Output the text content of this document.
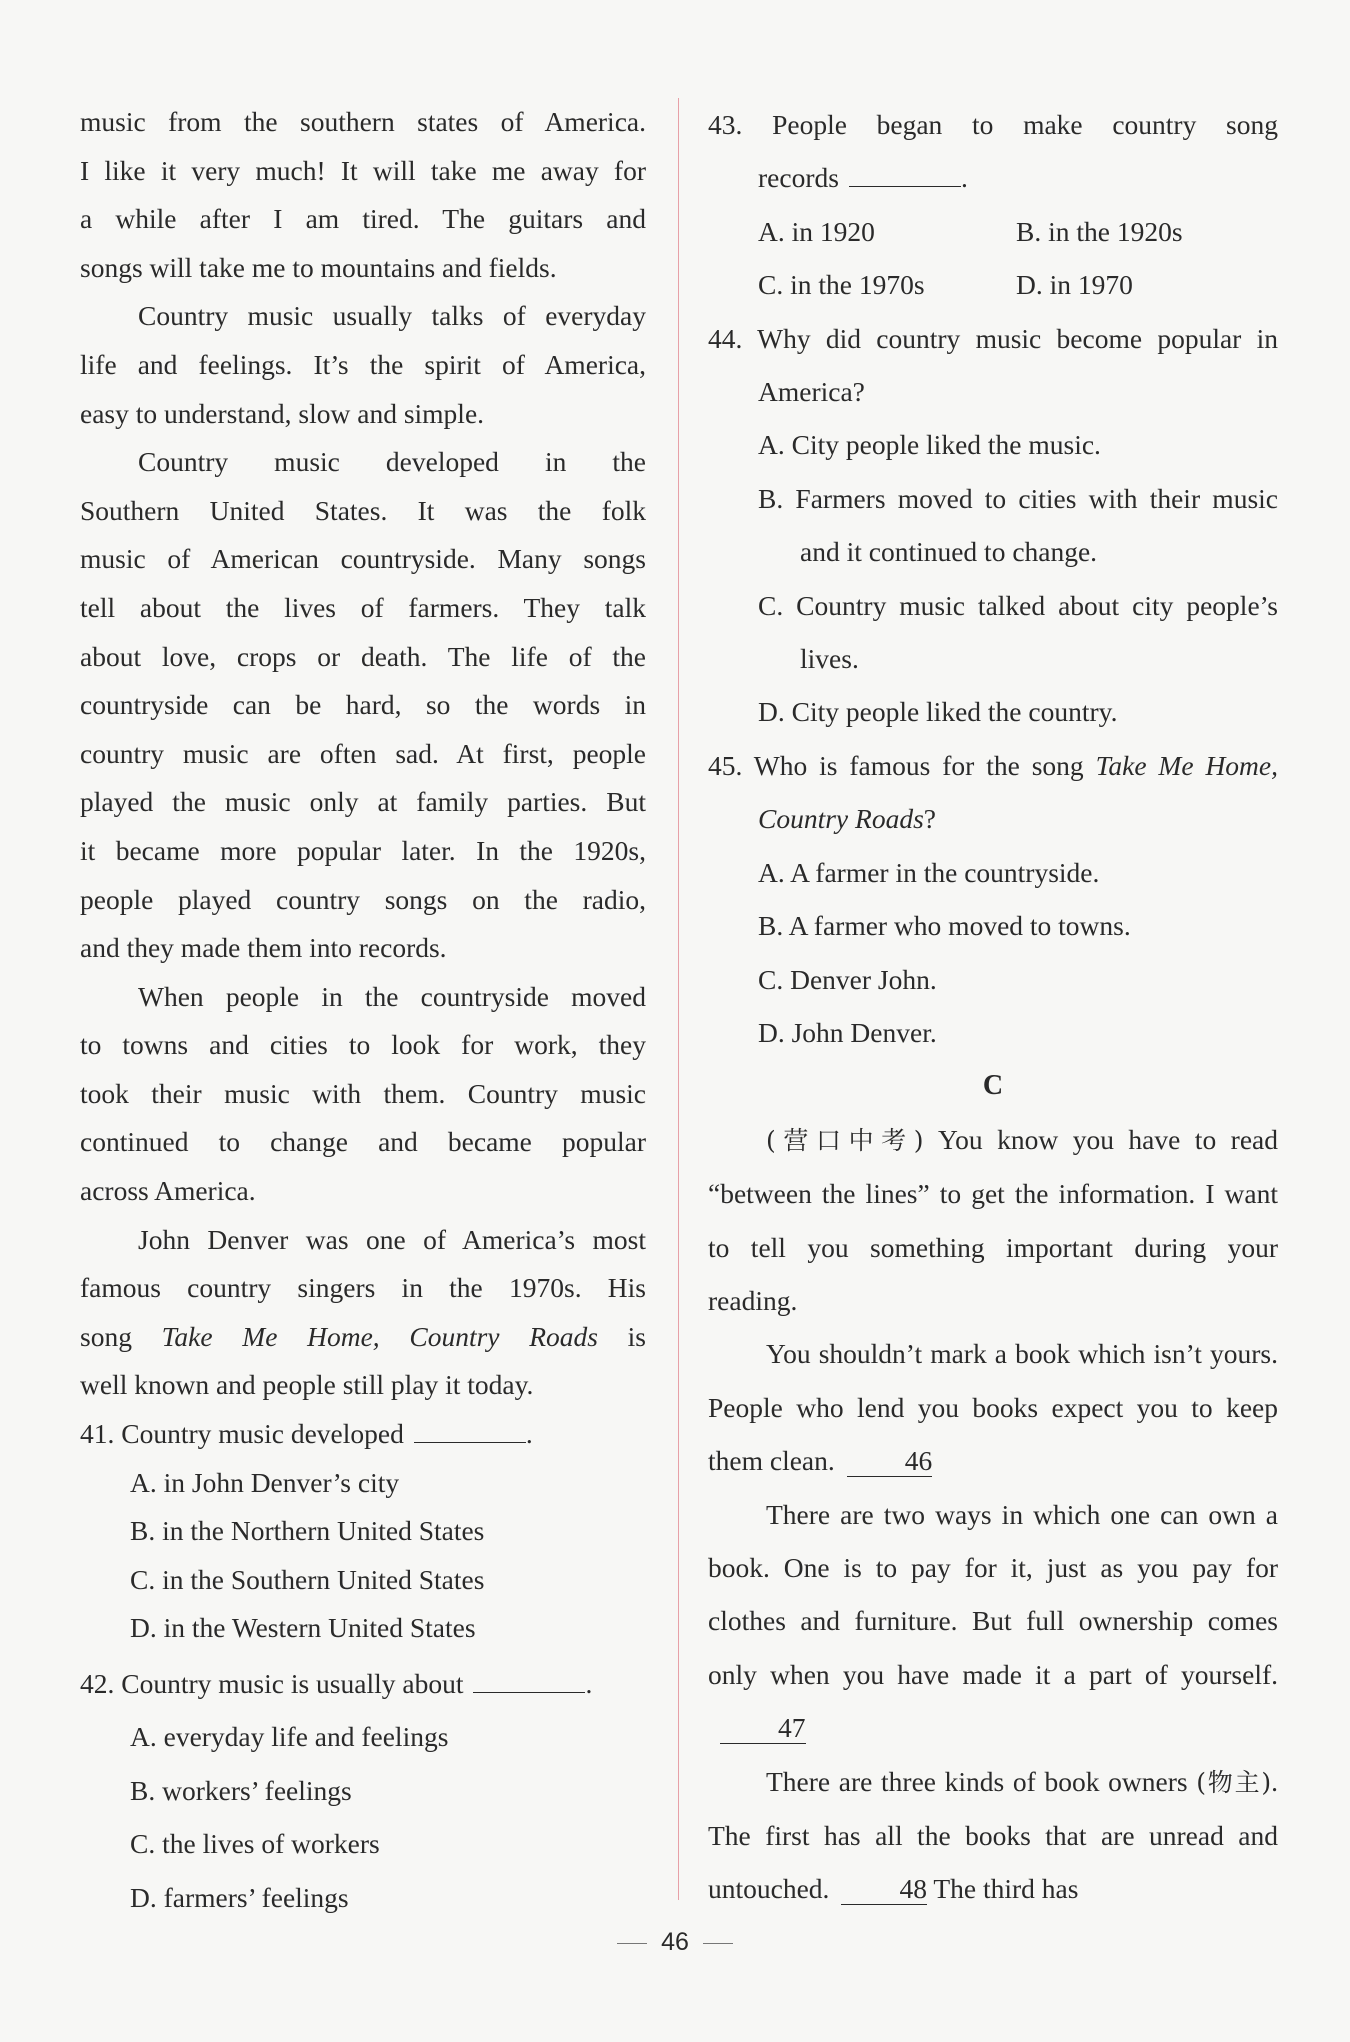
music from the southern states of America.

I like it very much! It will take me away for

a while after I am tired. The guitars and

songs will take me to mountains and fields.

Country music usually talks of everyday

life and feelings. It’s the spirit of America,

easy to understand, slow and simple.

Country music developed in the

Southern United States. It was the folk

music of American countryside. Many songs

tell about the lives of farmers. They talk

about love, crops or death. The life of the

countryside can be hard, so the words in

country music are often sad. At first, people

played the music only at family parties. But

it became more popular later. In the 1920s,

people played country songs on the radio,

and they made them into records.

When people in the countryside moved

to towns and cities to look for work, they

took their music with them. Country music

continued to change and became popular

across America.

John Denver was one of America’s most

famous country singers in the 1970s. His

song Take Me Home, Country Roads is

well known and people still play it today.

41. Country music developed	.

A. in John Denver’s city

B. in the Northern United States

C. in the Southern United States

D. in the Western United States

42. Country music is usually about	.

A. everyday life and feelings

B. workers’ feelings

C. the lives of workers

D. farmers’ feelings

43. People began to make country song

records	.

A. in 1920	B. in the 1920s
C. in the 1970s	D. in 1970

44. Why did country music become popular in America?

A. City people liked the music.

B. Farmers moved to cities with their music and it continued to change.

C. Country music talked about city people’s lives.

D. City people liked the country.

45. Who is famous for the song Take Me Home, Country Roads?

A. A farmer in the countryside.

B. A farmer who moved to towns.

C. Denver John.

D. John Denver.

C

(营口中考) You know you have to read “between the lines” to get the information. I want to tell you something important during your reading.

You shouldn’t mark a book which isn’t yours. People who lend you books expect you to keep them clean.	46

There are two ways in which one can own a book. One is to pay for it, just as you pay for clothes and furniture. But full ownership comes only when you have made it a part of yourself.47

There are three kinds of book owners (物主). The first has all the books that are unread and untouched.	48 The third has

46
